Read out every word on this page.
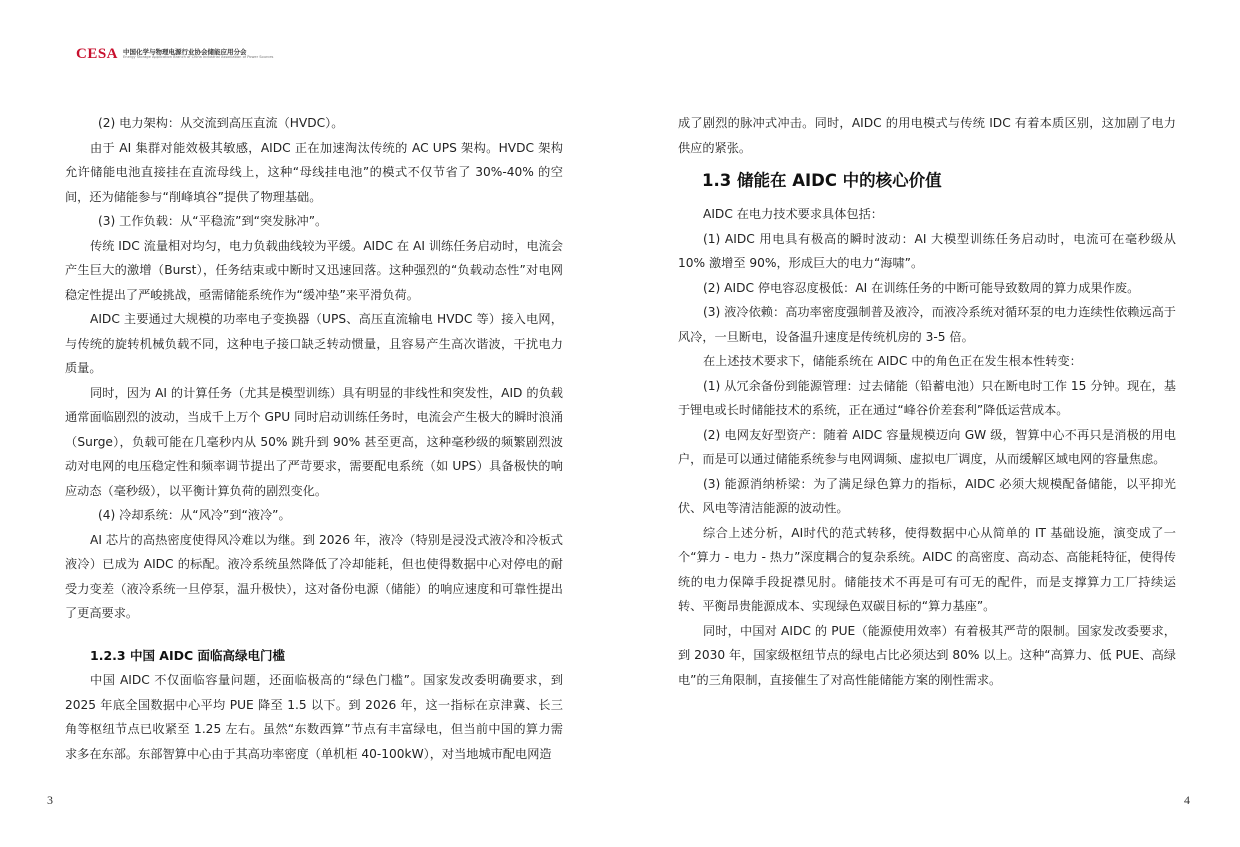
CESA 中国化学与物理电源行业协会储能应用分会
Energy Storage Application Branch of China Industrial Association of Power Sources

(2) 电力架构：从交流到高压直流（HVDC）。

由于 AI 集群对能效极其敏感，AIDC 正在加速淘汰传统的 AC UPS 架构。HVDC 架构允许储能电池直接挂在直流母线上，这种“母线挂电池”的模式不仅节省了 30%-40% 的空间，还为储能参与“削峰填谷”提供了物理基础。

(3) 工作负载：从“平稳流”到“突发脉冲”。

传统 IDC 流量相对均匀，电力负载曲线较为平缓。AIDC 在 AI 训练任务启动时，电流会产生巨大的激增（Burst），任务结束或中断时又迅速回落。这种强烈的“负载动态性”对电网稳定性提出了严峻挑战，亟需储能系统作为“缓冲垫”来平滑负荷。

AIDC 主要通过大规模的功率电子变换器（UPS、高压直流输电 HVDC 等）接入电网，与传统的旋转机械负载不同，这种电子接口缺乏转动惯量，且容易产生高次谐波，干扰电力质量。

同时，因为 AI 的计算任务（尤其是模型训练）具有明显的非线性和突发性，AID 的负载通常面临剧烈的波动，当成千上万个 GPU 同时启动训练任务时，电流会产生极大的瞬时浪涌（Surge），负载可能在几毫秒内从 50% 跳升到 90% 甚至更高，这种毫秒级的频繁剧烈波动对电网的电压稳定性和频率调节提出了严苛要求，需要配电系统（如 UPS）具备极快的响应动态（毫秒级），以平衡计算负荷的剧烈变化。

(4) 冷却系统：从“风冷”到“液冷”。

AI 芯片的高热密度使得风冷难以为继。到 2026 年，液冷（特别是浸没式液冷和冷板式液冷）已成为 AIDC 的标配。液冷系统虽然降低了冷却能耗，但也使得数据中心对停电的耐受力变差（液冷系统一旦停泵，温升极快），这对备份电源（储能）的响应速度和可靠性提出了更高要求。

1.2.3 中国 AIDC 面临高绿电门槛

中国 AIDC 不仅面临容量问题，还面临极高的“绿色门槛”。国家发改委明确要求，到 2025 年底全国数据中心平均 PUE 降至 1.5 以下。到 2026 年，这一指标在京津冀、长三角等枢纽节点已收紧至 1.25 左右。虽然“东数西算”节点有丰富绿电，但当前中国的算力需求多在东部。东部智算中心由于其高功率密度（单机柜 40-100kW），对当地城市配电网造

成了剧烈的脉冲式冲击。同时，AIDC 的用电模式与传统 IDC 有着本质区别，这加剧了电力供应的紧张。

1.3 储能在 AIDC 中的核心价值

AIDC 在电力技术要求具体包括：

(1) AIDC 用电具有极高的瞬时波动：AI 大模型训练任务启动时，电流可在毫秒级从 10% 激增至 90%，形成巨大的电力“海啸”。

(2) AIDC 停电容忍度极低：AI 在训练任务的中断可能导致数周的算力成果作废。

(3) 液冷依赖：高功率密度强制普及液冷，而液冷系统对循环泵的电力连续性依赖远高于风冷，一旦断电，设备温升速度是传统机房的 3-5 倍。

在上述技术要求下，储能系统在 AIDC 中的角色正在发生根本性转变：

(1) 从冗余备份到能源管理：过去储能（铅蓄电池）只在断电时工作 15 分钟。现在，基于锂电或长时储能技术的系统，正在通过“峰谷价差套利”降低运营成本。

(2) 电网友好型资产：随着 AIDC 容量规模迈向 GW 级，智算中心不再只是消极的用电户，而是可以通过储能系统参与电网调频、虚拟电厂调度，从而缓解区域电网的容量焦虑。

(3) 能源消纳桥梁：为了满足绿色算力的指标，AIDC 必须大规模配备储能，以平抑光伏、风电等清洁能源的波动性。

综合上述分析，AI时代的范式转移，使得数据中心从简单的 IT 基础设施，演变成了一个“算力 - 电力 - 热力”深度耦合的复杂系统。AIDC 的高密度、高动态、高能耗特征，使得传统的电力保障手段捉襟见肘。储能技术不再是可有可无的配件，而是支撑算力工厂持续运转、平衡昂贵能源成本、实现绿色双碳目标的“算力基座”。

同时，中国对 AIDC 的 PUE（能源使用效率）有着极其严苛的限制。国家发改委要求，到 2030 年，国家级枢纽节点的绿电占比必须达到 80% 以上。这种“高算力、低 PUE、高绿电”的三角限制，直接催生了对高性能储能方案的刚性需求。

3	4
